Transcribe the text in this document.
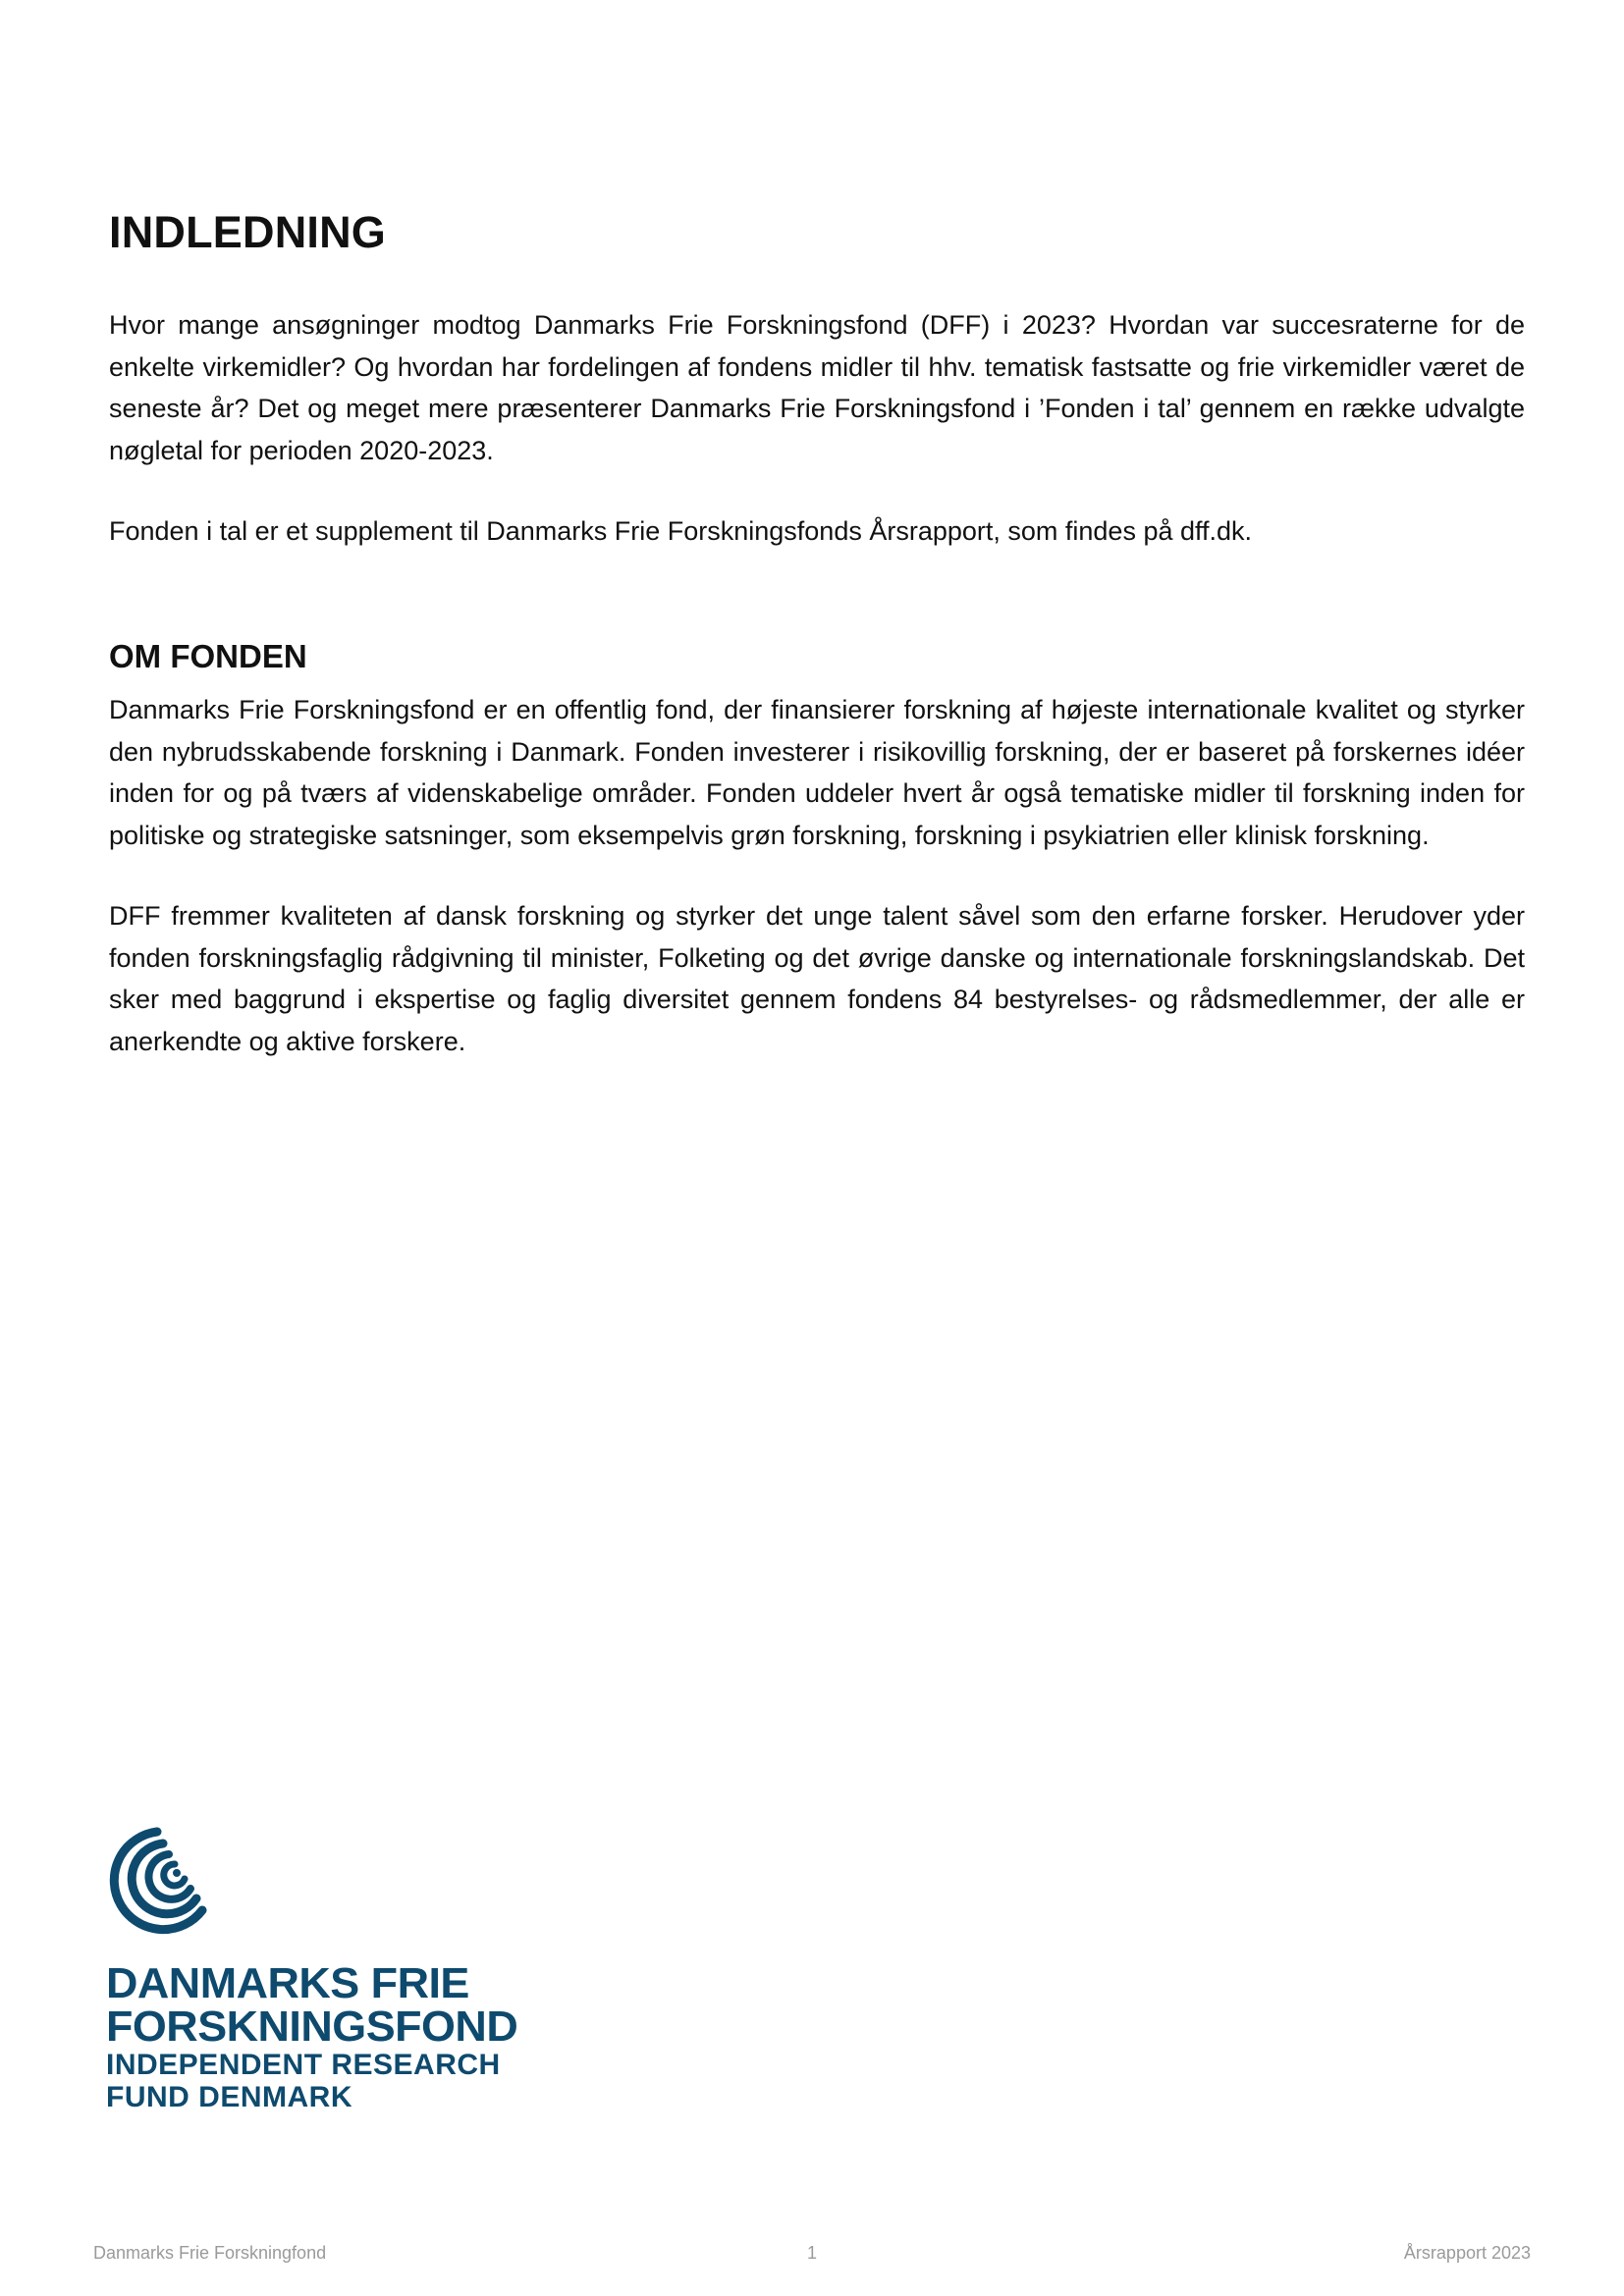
INDLEDNING

Hvor mange ansøgninger modtog Danmarks Frie Forskningsfond (DFF) i 2023? Hvordan var succesraterne for de enkelte virkemidler? Og hvordan har fordelingen af fondens midler til hhv. tematisk fastsatte og frie virkemidler været de seneste år? Det og meget mere præsenterer Danmarks Frie Forskningsfond i ’Fonden i tal’ gennem en række udvalgte nøgletal for perioden 2020-2023.

Fonden i tal er et supplement til Danmarks Frie Forskningsfonds Årsrapport, som findes på dff.dk.

OM FONDEN

Danmarks Frie Forskningsfond er en offentlig fond, der finansierer forskning af højeste internationale kvalitet og styrker den nybrudsskabende forskning i Danmark. Fonden investerer i risikovillig forskning, der er baseret på forskernes idéer inden for og på tværs af videnskabelige områder. Fonden uddeler hvert år også tematiske midler til forskning inden for politiske og strategiske satsninger, som eksempelvis grøn forskning, forskning i psykiatrien eller klinisk forskning.

DFF fremmer kvaliteten af dansk forskning og styrker det unge talent såvel som den erfarne forsker. Herudover yder fonden forskningsfaglig rådgivning til minister, Folketing og det øvrige danske og internationale forskningslandskab. Det sker med baggrund i ekspertise og faglig diversitet gennem fondens 84 bestyrelses- og rådsmedlemmer, der alle er anerkendte og aktive forskere.

DANMARKS FRIE
FORSKNINGSFOND
INDEPENDENT RESEARCH
FUND DENMARK
1
Danmarks Frie Forskningfond	Årsrapport 2023
